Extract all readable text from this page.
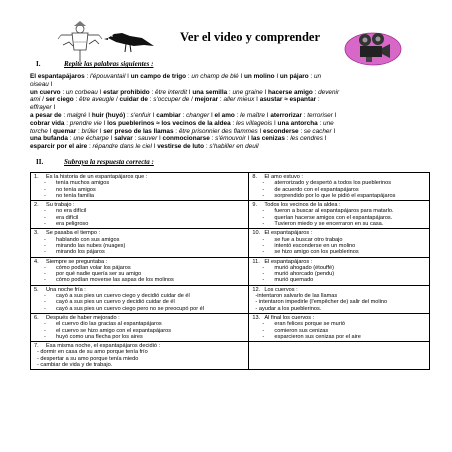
Ver el video y comprender
I.	Repite las palabras siguientes :
El espantapájaros : l'épouvantail I un campo de trigo : un champ de blé I un molino I un pájaro : un
oiseau I
un cuervo : un corbeau I estar prohibido : être interdit I una semilla : une graine I hacerse amigo : devenir
ami / ser ciego : être aveugle / cuidar de : s'occuper de / mejorar : aller mieux I asustar ≈ espantar :
effrayer I
a pesar de : malgré I huir (huyó) : s'enfuir I cambiar : changer I el amo : le maître I aterrorizar : terroriser I
cobrar vida : prendre vie I los pueblerinos ≈ los vecinos de la aldea : les villageois I una antorcha : une
torche I quemar : brûler I ser preso de las llamas : être prisonnier des flammes I esconderse : se cacher I
una bufanda : une écharpe I salvar : sauver I conmocionarse : s'émouvoir I las cenizas : les cendres I
esparcir por el aire : répandre dans le ciel I vestirse de luto : s'habiller en deuil
II.	Subraya la respuesta correcta :
1. Es la historia de un espantapájaros que :
- tenía muchos amigos
- no tenía amigos
- no tenía familia	8. El amo estuvo :
- aterrorizado y despertó a todos los pueblerinos
- de acuerdo con el espantapájaros
- sorprendido por lo que le pidió el espantapájaros

2. Su trabajo :
- no era difícil
- era difícil
- era peligroso	9. Todos los vecinos de la aldea :
- fueron a buscar al espantapájaros para matarlo.
- querían hacerse amigos con el espantapájaros.
- Tuvieron miedo y se encerraron en su casa.

3. Se pasaba el tiempo :
- hablando con sus amigos
- mirando las nubes (nuages)
- mirando los pájaros	10. El espantapájaros :
- se fue a buscar otro trabajo
- intentó esconderse en un molino
- se hizo amigo con los pueblerinos

4. Siempre se preguntaba :
- cómo podían volar los pájaros
- por qué nadie quería ser su amigo
- cómo podían moverse las aspas de los molinos	11. El espantapájaros :
- murió ahogado (étouffé)
- murió ahorcado (pendu)
- murió quemado

5. Una noche fría :
- cayó a sus pies un cuervo ciego y decidió cuidar de él
- cayó a sus pies un cuervo y decidió cuidar de él
- cayó a sus pies un cuervo ciego pero no se preocupó por él	12. Los cuervos :
-intentaron salvarlo de las llamas
- intentaron impedirle (l'empêcher de) salir del molino
- ayudar a los pueblerinos.

6. Después de haber mejorado :
- el cuervo dio las gracias al espantapájaros
- el cuervo se hizo amigo con el espantapájaros
- huyó como una flecha por los aires	13. Al final los cuervos :
- eran felices porque se murió
- comieron sus cenizas
- esparcieron sus cenizas por el aire

7. Esa misma noche, el espantapájaros decidió :
- dormir en casa de su amo porque tenía frío
- despertar a su amo porque tenía miedo
- cambiar de vida y de trabajo.	
